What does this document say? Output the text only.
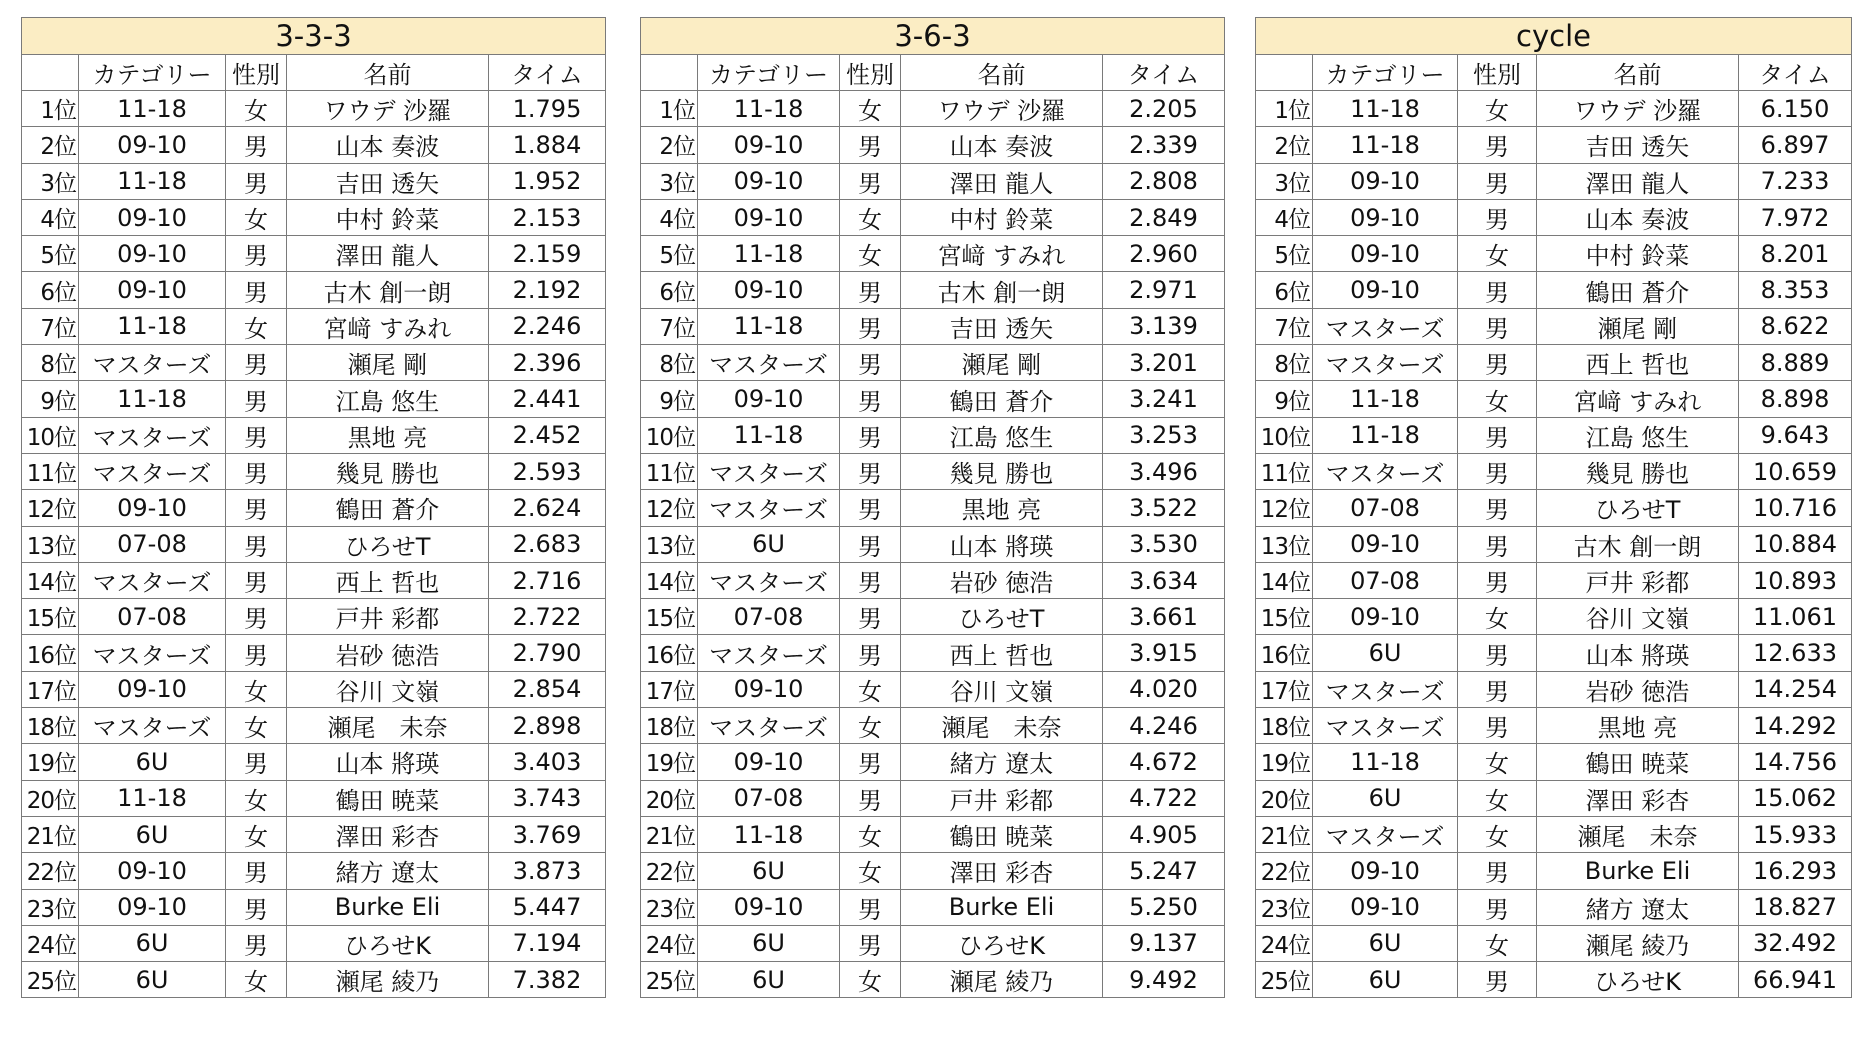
3-3-3				
	カテゴリー	性別	名前	タイム
1位	11-18	女	ワウデ 沙羅	1.795
2位	09-10	男	山本 奏波	1.884
3位	11-18	男	吉田 透矢	1.952
4位	09-10	女	中村 鈴菜	2.153
5位	09-10	男	澤田 龍人	2.159
6位	09-10	男	古木 創一朗	2.192
7位	11-18	女	宮﨑 すみれ	2.246
8位	マスターズ	男	瀬尾 剛	2.396
9位	11-18	男	江島 悠生	2.441
10位	マスターズ	男	黒地 亮	2.452
11位	マスターズ	男	幾見 勝也	2.593
12位	09-10	男	鶴田 蒼介	2.624
13位	07-08	男	ひろせT	2.683
14位	マスターズ	男	西上 哲也	2.716
15位	07-08	男	戸井 彩都	2.722
16位	マスターズ	男	岩砂 徳浩	2.790
17位	09-10	女	谷川 文嶺	2.854
18位	マスターズ	女	瀬尾　未奈	2.898
19位	6U	男	山本 將瑛	3.403
20位	11-18	女	鶴田 暁菜	3.743
21位	6U	女	澤田 彩杏	3.769
22位	09-10	男	緒方 遼太	3.873
23位	09-10	男	Burke Eli	5.447
24位	6U	男	ひろせK	7.194
25位	6U	女	瀬尾 綾乃	7.382
3-6-3				
	カテゴリー	性別	名前	タイム
1位	11-18	女	ワウデ 沙羅	2.205
2位	09-10	男	山本 奏波	2.339
3位	09-10	男	澤田 龍人	2.808
4位	09-10	女	中村 鈴菜	2.849
5位	11-18	女	宮﨑 すみれ	2.960
6位	09-10	男	古木 創一朗	2.971
7位	11-18	男	吉田 透矢	3.139
8位	マスターズ	男	瀬尾 剛	3.201
9位	09-10	男	鶴田 蒼介	3.241
10位	11-18	男	江島 悠生	3.253
11位	マスターズ	男	幾見 勝也	3.496
12位	マスターズ	男	黒地 亮	3.522
13位	6U	男	山本 將瑛	3.530
14位	マスターズ	男	岩砂 徳浩	3.634
15位	07-08	男	ひろせT	3.661
16位	マスターズ	男	西上 哲也	3.915
17位	09-10	女	谷川 文嶺	4.020
18位	マスターズ	女	瀬尾　未奈	4.246
19位	09-10	男	緒方 遼太	4.672
20位	07-08	男	戸井 彩都	4.722
21位	11-18	女	鶴田 暁菜	4.905
22位	6U	女	澤田 彩杏	5.247
23位	09-10	男	Burke Eli	5.250
24位	6U	男	ひろせK	9.137
25位	6U	女	瀬尾 綾乃	9.492
cycle				
	カテゴリー	性別	名前	タイム
1位	11-18	女	ワウデ 沙羅	6.150
2位	11-18	男	吉田 透矢	6.897
3位	09-10	男	澤田 龍人	7.233
4位	09-10	男	山本 奏波	7.972
5位	09-10	女	中村 鈴菜	8.201
6位	09-10	男	鶴田 蒼介	8.353
7位	マスターズ	男	瀬尾 剛	8.622
8位	マスターズ	男	西上 哲也	8.889
9位	11-18	女	宮﨑 すみれ	8.898
10位	11-18	男	江島 悠生	9.643
11位	マスターズ	男	幾見 勝也	10.659
12位	07-08	男	ひろせT	10.716
13位	09-10	男	古木 創一朗	10.884
14位	07-08	男	戸井 彩都	10.893
15位	09-10	女	谷川 文嶺	11.061
16位	6U	男	山本 將瑛	12.633
17位	マスターズ	男	岩砂 徳浩	14.254
18位	マスターズ	男	黒地 亮	14.292
19位	11-18	女	鶴田 暁菜	14.756
20位	6U	女	澤田 彩杏	15.062
21位	マスターズ	女	瀬尾　未奈	15.933
22位	09-10	男	Burke Eli	16.293
23位	09-10	男	緒方 遼太	18.827
24位	6U	女	瀬尾 綾乃	32.492
25位	6U	男	ひろせK	66.941
